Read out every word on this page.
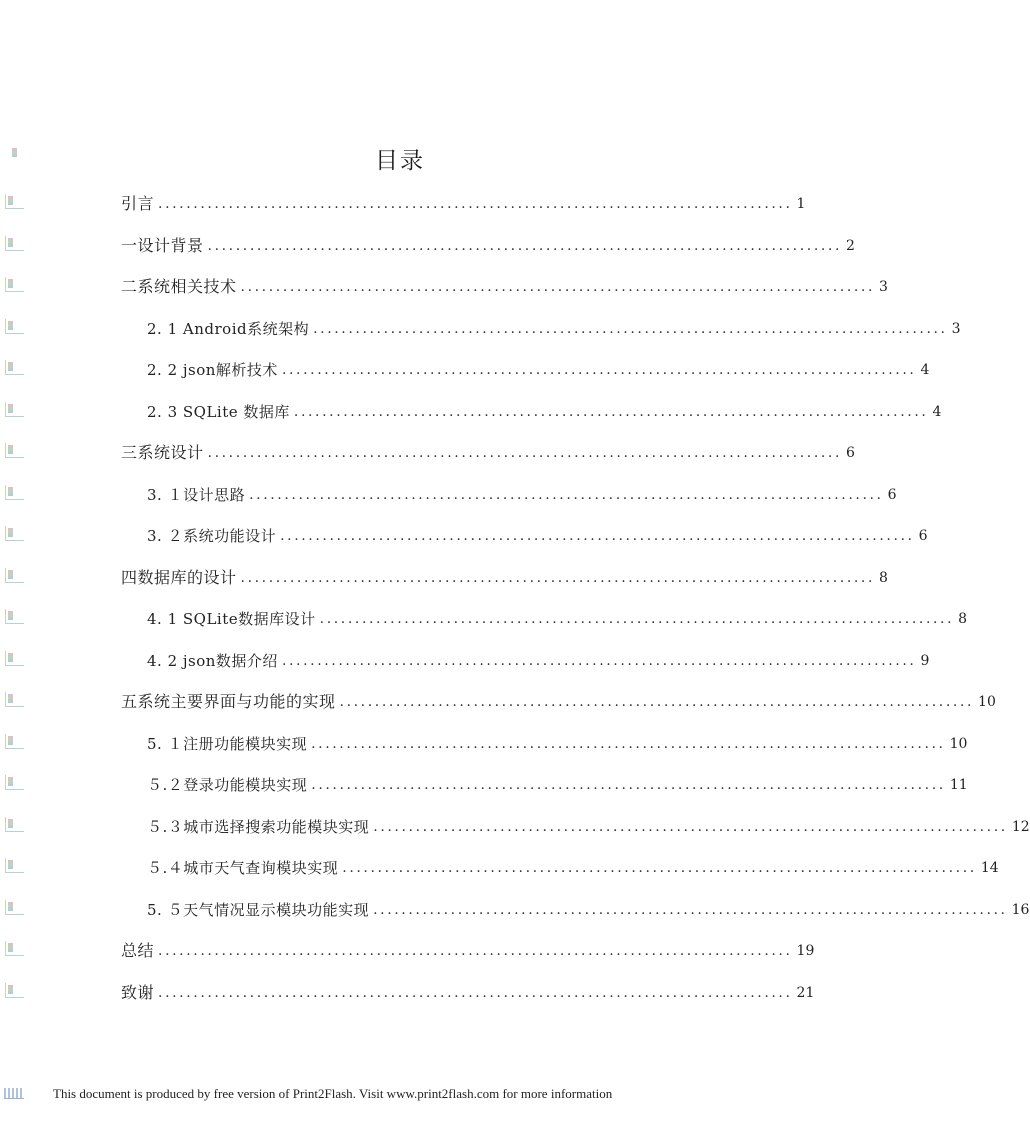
目录
引言 .......................................................................................... 1
一设计背景 .......................................................................................... 2
二系统相关技术 .......................................................................................... 3
2. 1 Android系统架构 .......................................................................................... 3
2. 2 json解析技术 .......................................................................................... 4
2. 3 SQLite 数据库 .......................................................................................... 4
三系统设计 .......................................................................................... 6
3. １设计思路 .......................................................................................... 6
3. ２系统功能设计 .......................................................................................... 6
四数据库的设计 .......................................................................................... 8
4. 1 SQLite数据库设计 .......................................................................................... 8
4. 2 json数据介绍 .......................................................................................... 9
五系统主要界面与功能的实现 .......................................................................................... 10
5. １注册功能模块实现 .......................................................................................... 10
５.２登录功能模块实现 .......................................................................................... 11
５.３城市选择搜索功能模块实现 .......................................................................................... 12
５.４城市天气查询模块实现 .......................................................................................... 14
5. ５天气情况显示模块功能实现 .......................................................................................... 16
总结 .......................................................................................... 19
致谢 .......................................................................................... 21
This document is produced by free version of Print2Flash. Visit www.print2flash.com for more information
